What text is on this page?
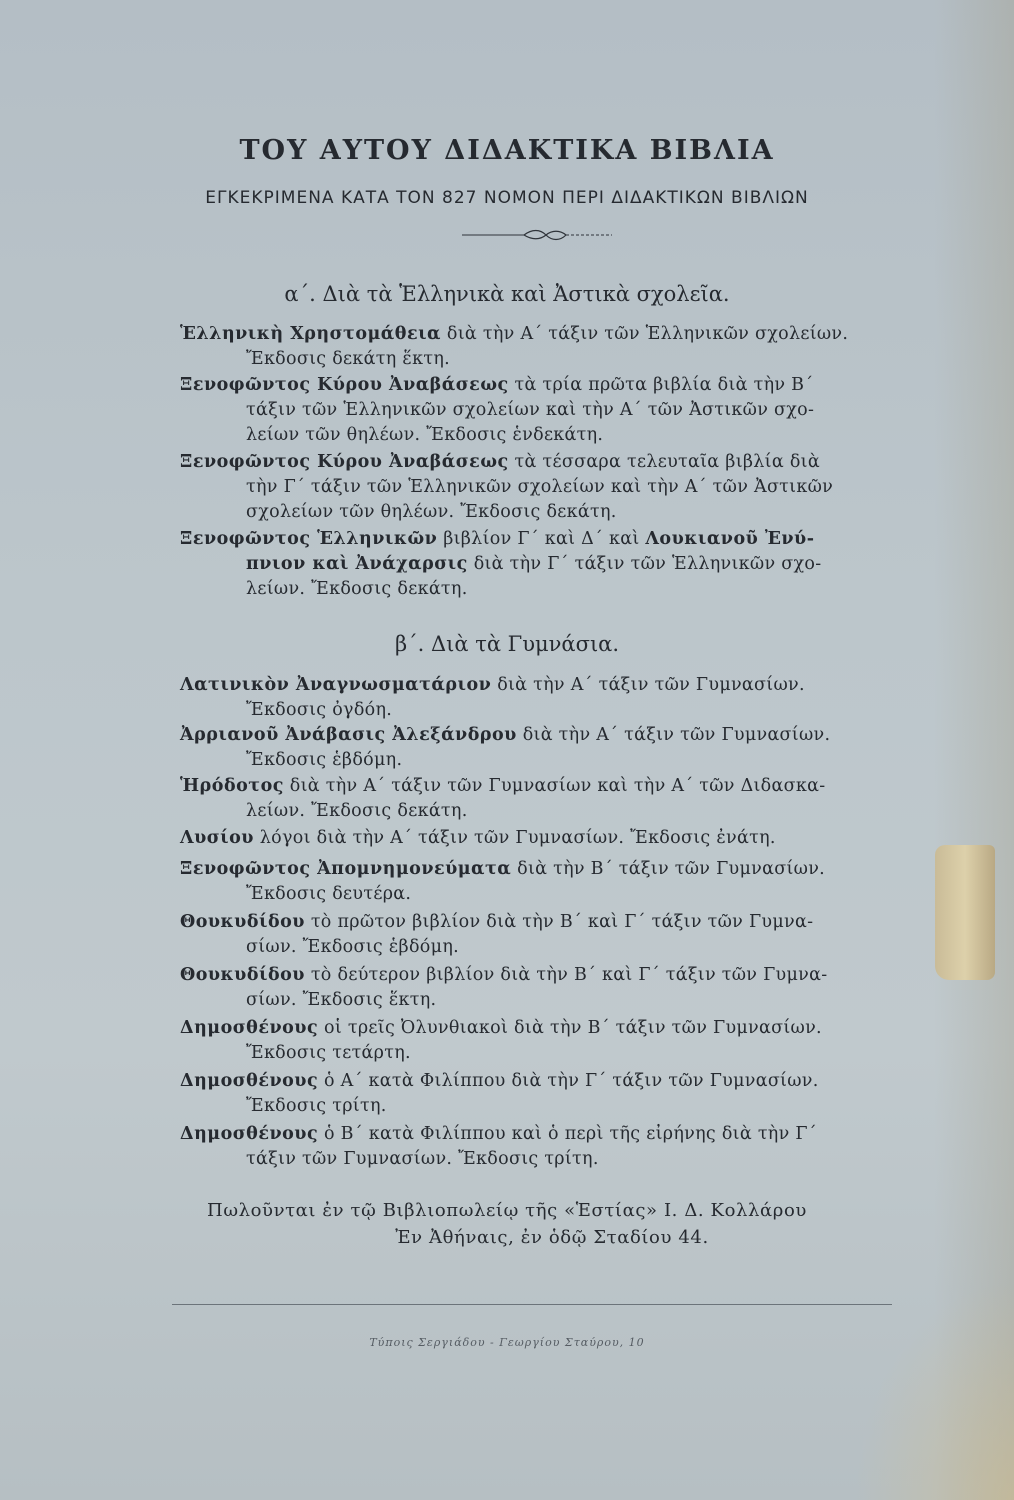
ΤΟΥ ΑΥΤΟΥ ΔΙΔΑΚΤΙΚΑ ΒΙΒΛΙΑ
ΕΓΚΕΚΡΙΜΕΝΑ ΚΑΤΑ ΤΟΝ 827 ΝΟΜΟΝ ΠΕΡΙ ΔΙΔΑΚΤΙΚΩΝ ΒΙΒΛΙΩΝ
α΄. Διὰ τὰ Ἑλληνικὰ καὶ Ἀστικὰ σχολεῖα.
Ἑλληνικὴ Χρηστομάθεια διὰ τὴν Α΄ τάξιν τῶν Ἑλληνικῶν σχολείων.
Ἔκδοσις δεκάτη ἕκτη.
Ξενοφῶντος Κύρου Ἀναβάσεως τὰ τρία πρῶτα βιβλία διὰ τὴν Β΄
τάξιν τῶν Ἑλληνικῶν σχολείων καὶ τὴν Α΄ τῶν Ἀστικῶν σχο-
λείων τῶν θηλέων. Ἔκδοσις ἑνδεκάτη.
Ξενοφῶντος Κύρου Ἀναβάσεως τὰ τέσσαρα τελευταῖα βιβλία διὰ
τὴν Γ΄ τάξιν τῶν Ἑλληνικῶν σχολείων καὶ τὴν Α΄ τῶν Ἀστικῶν
σχολείων τῶν θηλέων. Ἔκδοσις δεκάτη.
Ξενοφῶντος Ἑλληνικῶν βιβλίον Γ΄ καὶ Δ΄ καὶ Λουκιανοῦ Ἐνύ-
πνιον καὶ Ἀνάχαρσις διὰ τὴν Γ΄ τάξιν τῶν Ἑλληνικῶν σχο-
λείων. Ἔκδοσις δεκάτη.
β΄. Διὰ τὰ Γυμνάσια.
Λατινικὸν Ἀναγνωσματάριον διὰ τὴν Α΄ τάξιν τῶν Γυμνασίων.
Ἔκδοσις ὀγδόη.
Ἀρριανοῦ Ἀνάβασις Ἀλεξάνδρου διὰ τὴν Α΄ τάξιν τῶν Γυμνασίων.
Ἔκδοσις ἑβδόμη.
Ἡρόδοτος διὰ τὴν Α΄ τάξιν τῶν Γυμνασίων καὶ τὴν Α΄ τῶν Διδασκα-
λείων. Ἔκδοσις δεκάτη.
Λυσίου λόγοι διὰ τὴν Α΄ τάξιν τῶν Γυμνασίων. Ἔκδοσις ἐνάτη.
Ξενοφῶντος Ἀπομνημονεύματα διὰ τὴν Β΄ τάξιν τῶν Γυμνασίων.
Ἔκδοσις δευτέρα.
Θουκυδίδου τὸ πρῶτον βιβλίον διὰ τὴν Β΄ καὶ Γ΄ τάξιν τῶν Γυμνα-
σίων. Ἔκδοσις ἑβδόμη.
Θουκυδίδου τὸ δεύτερον βιβλίον διὰ τὴν Β΄ καὶ Γ΄ τάξιν τῶν Γυμνα-
σίων. Ἔκδοσις ἕκτη.
Δημοσθένους οἱ τρεῖς Ὀλυνθιακοὶ διὰ τὴν Β΄ τάξιν τῶν Γυμνασίων.
Ἔκδοσις τετάρτη.
Δημοσθένους ὁ Α΄ κατὰ Φιλίππου διὰ τὴν Γ΄ τάξιν τῶν Γυμνασίων.
Ἔκδοσις τρίτη.
Δημοσθένους ὁ Β΄ κατὰ Φιλίππου καὶ ὁ περὶ τῆς εἰρήνης διὰ τὴν Γ΄
τάξιν τῶν Γυμνασίων. Ἔκδοσις τρίτη.
Πωλοῦνται ἐν τῷ Βιβλιοπωλείῳ τῆς «Ἑστίας» Ι. Δ. Κολλάρου
Ἐν Ἀθήναις, ἐν ὁδῷ Σταδίου 44.
Τύποις Σεργιάδου - Γεωργίου Σταύρου, 10
